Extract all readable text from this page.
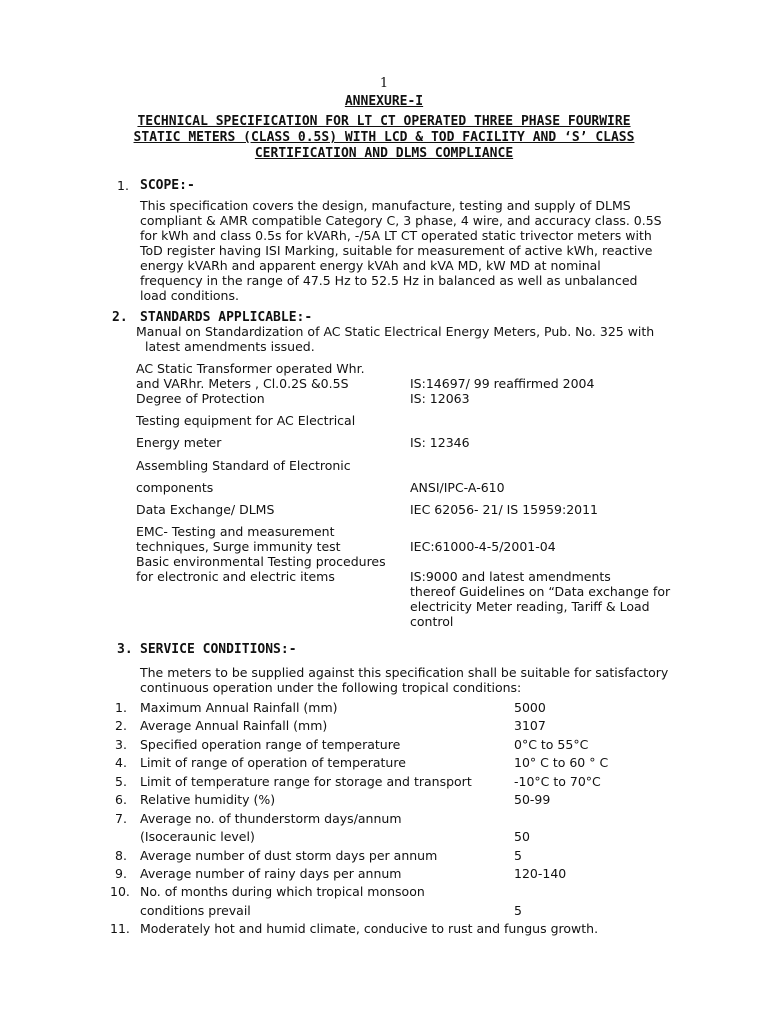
1
ANNEXURE-I
TECHNICAL SPECIFICATION FOR LT CT OPERATED THREE PHASE FOURWIRE
STATIC METERS (CLASS 0.5S) WITH LCD & TOD FACILITY AND ‘S’ CLASS
CERTIFICATION AND DLMS COMPLIANCE
1. SCOPE:-
This specification covers the design, manufacture, testing and supply of DLMS
compliant & AMR compatible Category C, 3 phase, 4 wire, and accuracy class. 0.5S
for kWh and class 0.5s for kVARh, -/5A LT CT operated static trivector meters with
ToD register having ISI Marking, suitable for measurement of active kWh, reactive
energy kVARh and apparent energy kVAh and kVA MD, kW MD at nominal
frequency in the range of 47.5 Hz to 52.5 Hz in balanced as well as unbalanced
load conditions.
2. STANDARDS APPLICABLE:-
Manual on Standardization of AC Static Electrical Energy Meters, Pub. No. 325 with
latest amendments issued.
AC Static Transformer operated Whr.
and VARhr. Meters , Cl.0.2S &0.5S	IS:14697/ 99 reaffirmed 2004
Degree of Protection	IS: 12063
Testing equipment for AC Electrical
Energy meter	IS: 12346
Assembling Standard of Electronic
components	ANSI/IPC-A-610
Data Exchange/ DLMS	IEC 62056- 21/ IS 15959:2011
EMC- Testing and measurement
techniques, Surge immunity test	IEC:61000-4-5/2001-04
Basic environmental Testing procedures
for electronic and electric items	IS:9000 and latest amendments
thereof Guidelines on “Data exchange for
electricity Meter reading, Tariff & Load
control
3. SERVICE CONDITIONS:-
The meters to be supplied against this specification shall be suitable for satisfactory
continuous operation under the following tropical conditions:
1. Maximum Annual Rainfall (mm)	5000
2. Average Annual Rainfall (mm)	3107
3. Specified operation range of temperature	0°C to 55°C
4. Limit of range of operation of temperature	10° C to 60 ° C
5. Limit of temperature range for storage and transport	-10°C to 70°C
6. Relative humidity (%)	50-99
7. Average no. of thunderstorm days/annum
(Isoceraunic level)	50
8. Average number of dust storm days per annum	5
9. Average number of rainy days per annum	120-140
10. No. of months during which tropical monsoon
conditions prevail	5
11. Moderately hot and humid climate, conducive to rust and fungus growth.
